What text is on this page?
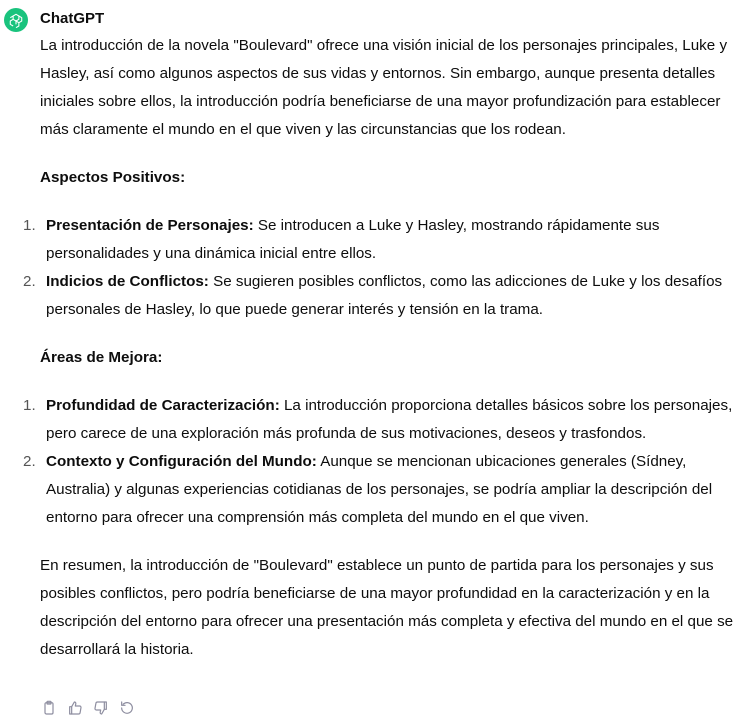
ChatGPT

La introducción de la novela "Boulevard" ofrece una visión inicial de los personajes principales, Luke y Hasley, así como algunos aspectos de sus vidas y entornos. Sin embargo, aunque presenta detalles iniciales sobre ellos, la introducción podría beneficiarse de una mayor profundización para establecer más claramente el mundo en el que viven y las circunstancias que los rodean.

Aspectos Positivos:
1. Presentación de Personajes: Se introducen a Luke y Hasley, mostrando rápidamente sus personalidades y una dinámica inicial entre ellos.
2. Indicios de Conflictos: Se sugieren posibles conflictos, como las adicciones de Luke y los desafíos personales de Hasley, lo que puede generar interés y tensión en la trama.
Áreas de Mejora:
1. Profundidad de Caracterización: La introducción proporciona detalles básicos sobre los personajes, pero carece de una exploración más profunda de sus motivaciones, deseos y trasfondos.
2. Contexto y Configuración del Mundo: Aunque se mencionan ubicaciones generales (Sídney, Australia) y algunas experiencias cotidianas de los personajes, se podría ampliar la descripción del entorno para ofrecer una comprensión más completa del mundo en el que viven.

En resumen, la introducción de "Boulevard" establece un punto de partida para los personajes y sus posibles conflictos, pero podría beneficiarse de una mayor profundidad en la caracterización y en la descripción del entorno para ofrecer una presentación más completa y efectiva del mundo en el que se desarrollará la historia.
